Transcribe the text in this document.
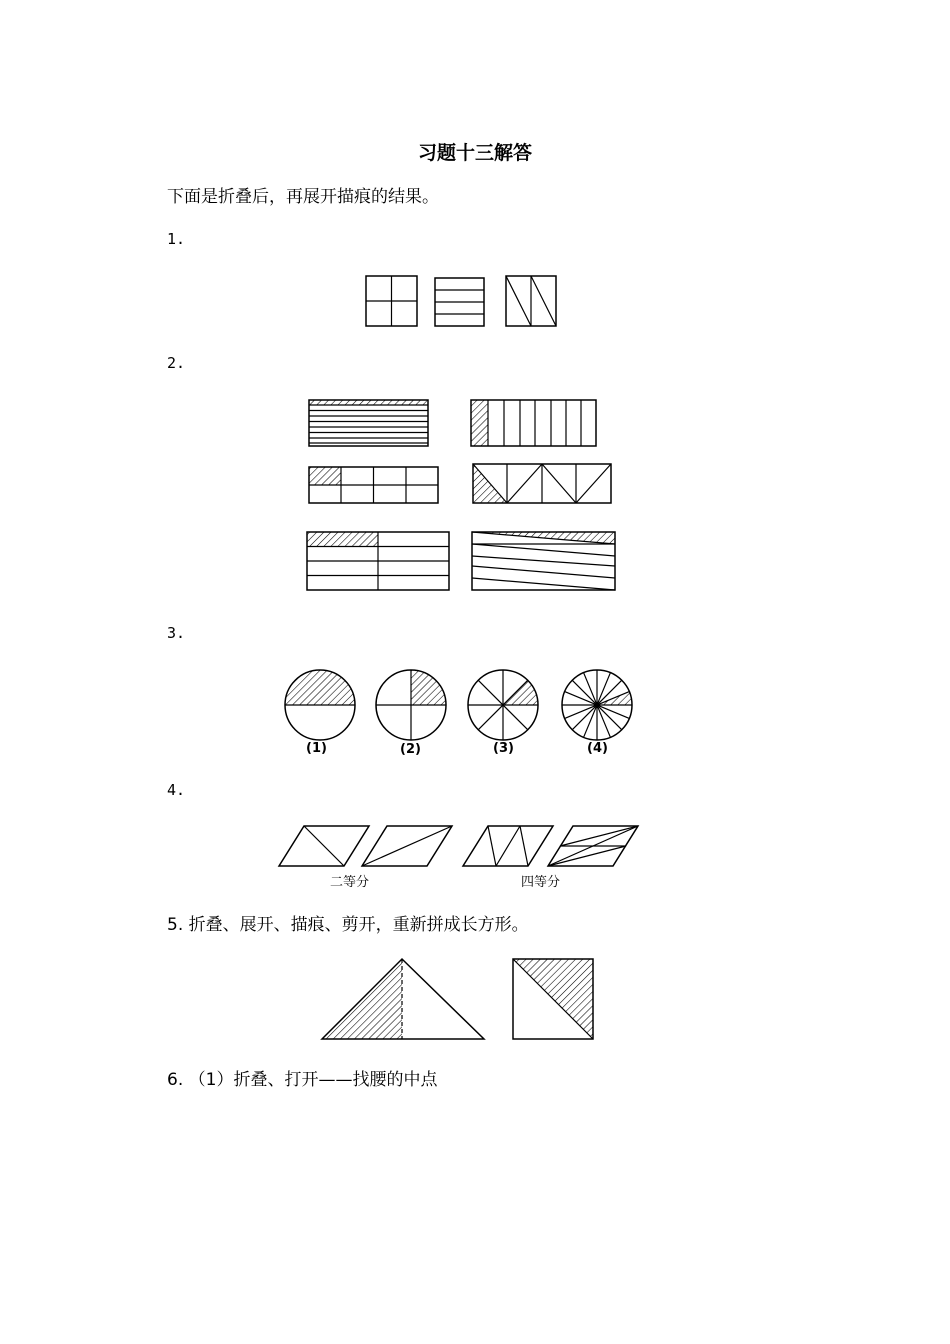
习题十三解答
下面是折叠后，再展开描痕的结果。
1.
2.
3.
4.
5. 折叠、展开、描痕、剪开，重新拼成长方形。
6. （1）折叠、打开——找腰的中点
(1)	(2)	(3)	(4)
二等分	四等分
